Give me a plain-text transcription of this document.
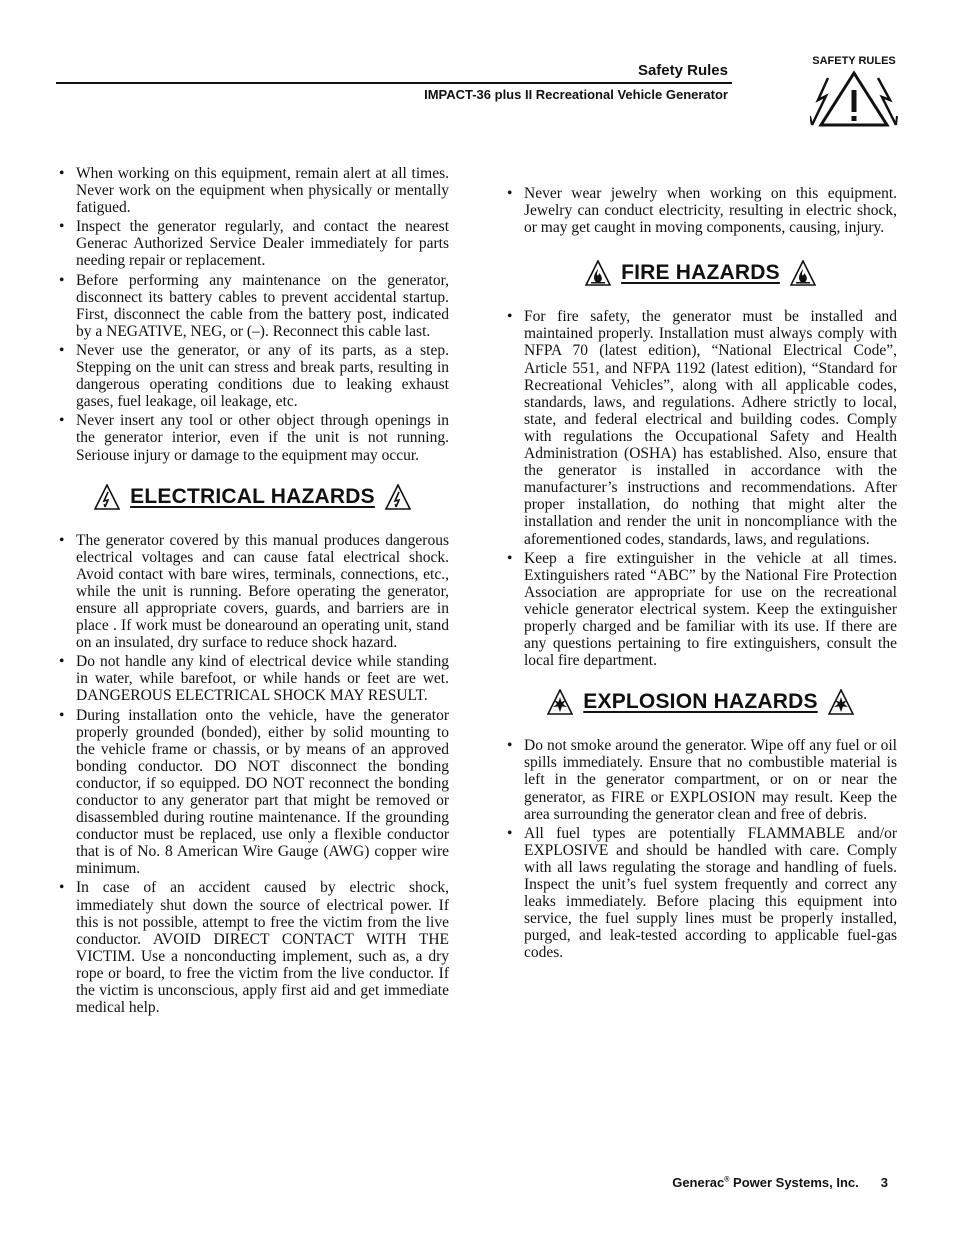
Safety Rules
IMPACT-36 plus II Recreational Vehicle Generator
SAFETY RULES
• When working on this equipment, remain alert at all times. Never work on the equipment when physically or mentally fatigued.
• Inspect the generator regularly, and contact the nearest Generac Authorized Service Dealer immediately for parts needing repair or replacement.
• Before performing any maintenance on the generator, disconnect its battery cables to prevent accidental startup. First, disconnect the cable from the battery post, indicated by a NEGATIVE, NEG, or (–). Reconnect this cable last.
• Never use the generator, or any of its parts, as a step. Stepping on the unit can stress and break parts, resulting in dangerous operating conditions due to leaking exhaust gases, fuel leakage, oil leakage, etc.
• Never insert any tool or other object through openings in the generator interior, even if the unit is not running. Seriouse injury or damage to the equipment may occur.
ELECTRICAL HAZARDS
• The generator covered by this manual produces dangerous electrical voltages and can cause fatal electrical shock. Avoid contact with bare wires, terminals, connections, etc., while the unit is running. Before operating the generator, ensure all appropriate covers, guards, and barriers are in place . If work must be donearound an operating unit, stand on an insulated, dry surface to reduce shock hazard.
• Do not handle any kind of electrical device while standing in water, while barefoot, or while hands or feet are wet. DANGEROUS ELECTRICAL SHOCK MAY RESULT.
• During installation onto the vehicle, have the generator properly grounded (bonded), either by solid mounting to the vehicle frame or chassis, or by means of an approved bonding conductor. DO NOT disconnect the bonding conductor, if so equipped. DO NOT reconnect the bonding conductor to any generator part that might be removed or disassembled during routine maintenance. If the grounding conductor must be replaced, use only a flexible conductor that is of No. 8 American Wire Gauge (AWG) copper wire minimum.
• In case of an accident caused by electric shock, immediately shut down the source of electrical power. If this is not possible, attempt to free the victim from the live conductor. AVOID DIRECT CONTACT WITH THE VICTIM. Use a nonconducting implement, such as, a dry rope or board, to free the victim from the live conductor. If the victim is unconscious, apply first aid and get immediate medical help.
• Never wear jewelry when working on this equipment. Jewelry can conduct electricity, resulting in electric shock, or may get caught in moving components, causing, injury.
FIRE HAZARDS
• For fire safety, the generator must be installed and maintained properly. Installation must always comply with NFPA 70 (latest edition), “National Electrical Code”, Article 551, and NFPA 1192 (latest edition), “Standard for Recreational Vehicles”, along with all applicable codes, standards, laws, and regulations. Adhere strictly to local, state, and federal electrical and building codes. Comply with regulations the Occupational Safety and Health Administration (OSHA) has established. Also, ensure that the generator is installed in accordance with the manufacturer’s instructions and recommendations. After proper installation, do nothing that might alter the installation and render the unit in noncompliance with the aforementioned codes, standards, laws, and regulations.
• Keep a fire extinguisher in the vehicle at all times. Extinguishers rated “ABC” by the National Fire Protection Association are appropriate for use on the recreational vehicle generator electrical system. Keep the extinguisher properly charged and be familiar with its use. If there are any questions pertaining to fire extinguishers, consult the local fire department.
EXPLOSION HAZARDS
• Do not smoke around the generator. Wipe off any fuel or oil spills immediately. Ensure that no combustible material is left in the generator compartment, or on or near the generator, as FIRE or EXPLOSION may result. Keep the area surrounding the generator clean and free of debris.
• All fuel types are potentially FLAMMABLE and/or EXPLOSIVE and should be handled with care. Comply with all laws regulating the storage and handling of fuels. Inspect the unit’s fuel system frequently and correct any leaks immediately. Before placing this equipment into service, the fuel supply lines must be properly installed, purged, and leak-tested according to applicable fuel-gas codes.
Generac® Power Systems, Inc. 3
